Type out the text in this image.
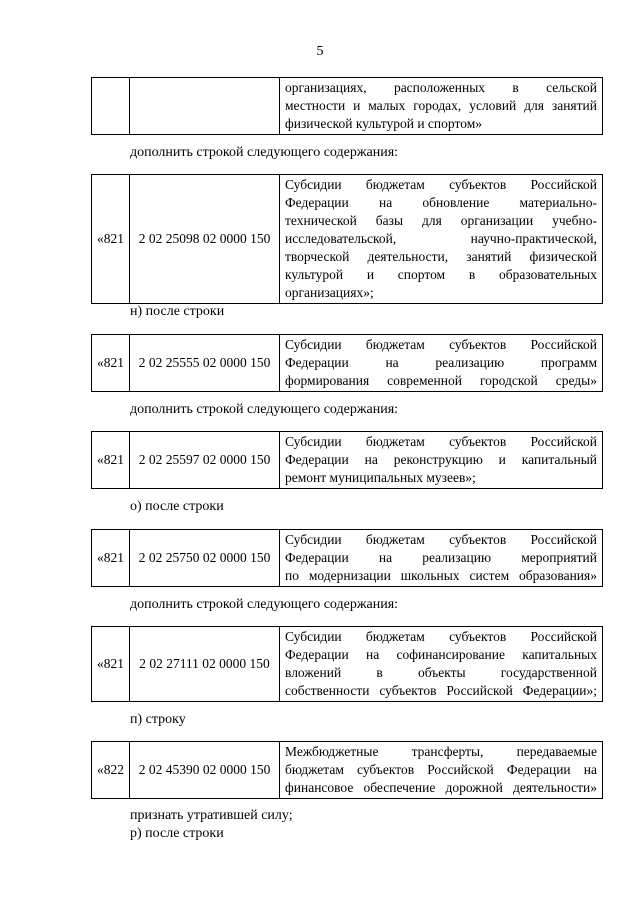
5

организациях, расположенных в сельской
местности и малых городах, условий для занятий
физической культурой и спортом»
дополнить строкой следующего содержания:
«821	2 02 25098 02 0000 150	
Субсидии бюджетам субъектов Российской
Федерации на обновление материально-
технической базы для организации учебно-
исследовательской, научно-практической,
творческой деятельности, занятий физической
культурой и спортом в образовательных
организациях»;
н) после строки
«821	2 02 25555 02 0000 150	
Субсидии бюджетам субъектов Российской
Федерации на реализацию программ
формирования современной городской среды»
дополнить строкой следующего содержания:
«821	2 02 25597 02 0000 150	
Субсидии бюджетам субъектов Российской
Федерации на реконструкцию и капитальный
ремонт муниципальных музеев»;
о) после строки
«821	2 02 25750 02 0000 150	
Субсидии бюджетам субъектов Российской
Федерации на реализацию мероприятий
по модернизации школьных систем образования»
дополнить строкой следующего содержания:
«821	2 02 27111 02 0000 150	
Субсидии бюджетам субъектов Российской
Федерации на софинансирование капитальных
вложений в объекты государственной
собственности субъектов Российской Федерации»;
п) строку
«822	2 02 45390 02 0000 150	
Межбюджетные трансферты, передаваемые
бюджетам субъектов Российской Федерации на
финансовое обеспечение дорожной деятельности»
признать утратившей силу;
р) после строки
